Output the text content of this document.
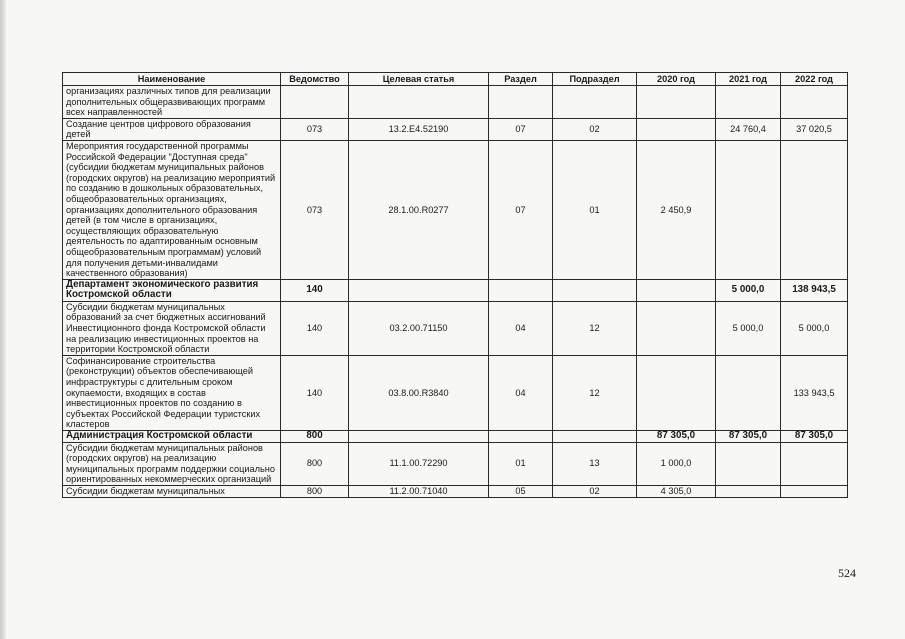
Наименование	Ведомство	Целевая статья	Раздел	Подраздел	2020 год	2021 год	2022 год
организациях различных типов для реализации дополнительных общеразвивающих программ всех направленностей							
Создание центров цифрового образования детей	073	13.2.E4.52190	07	02		24 760,4	37 020,5
Мероприятия государственной программы Российской Федерации "Доступная среда" (субсидии бюджетам муниципальных районов (городских округов) на реализацию мероприятий по созданию в дошкольных образовательных, общеобразовательных организациях, организациях дополнительного образования детей (в том числе в организациях, осуществляющих образовательную деятельность по адаптированным основным общеобразовательным программам) условий для получения детьми-инвалидами качественного образования)	073	28.1.00.R0277	07	01	2 450,9		
Департамент экономического развития Костромской области	140					5 000,0	138 943,5
Субсидии бюджетам муниципальных образований за счет бюджетных ассигнований Инвестиционного фонда Костромской области на реализацию инвестиционных проектов на территории Костромской области	140	03.2.00.71150	04	12		5 000,0	5 000,0
Софинансирование строительства (реконструкции) объектов обеспечивающей инфраструктуры с длительным сроком окупаемости, входящих в состав инвестиционных проектов по созданию в субъектах Российской Федерации туристских кластеров	140	03.8.00.R3840	04	12			133 943,5
Администрация Костромской области	800				87 305,0	87 305,0	87 305,0
Субсидии бюджетам муниципальных районов (городских округов) на реализацию муниципальных программ поддержки социально ориентированных некоммерческих организаций	800	11.1.00.72290	01	13	1 000,0		
Субсидии бюджетам муниципальных	800	11.2.00.71040	05	02	4 305,0		
524
